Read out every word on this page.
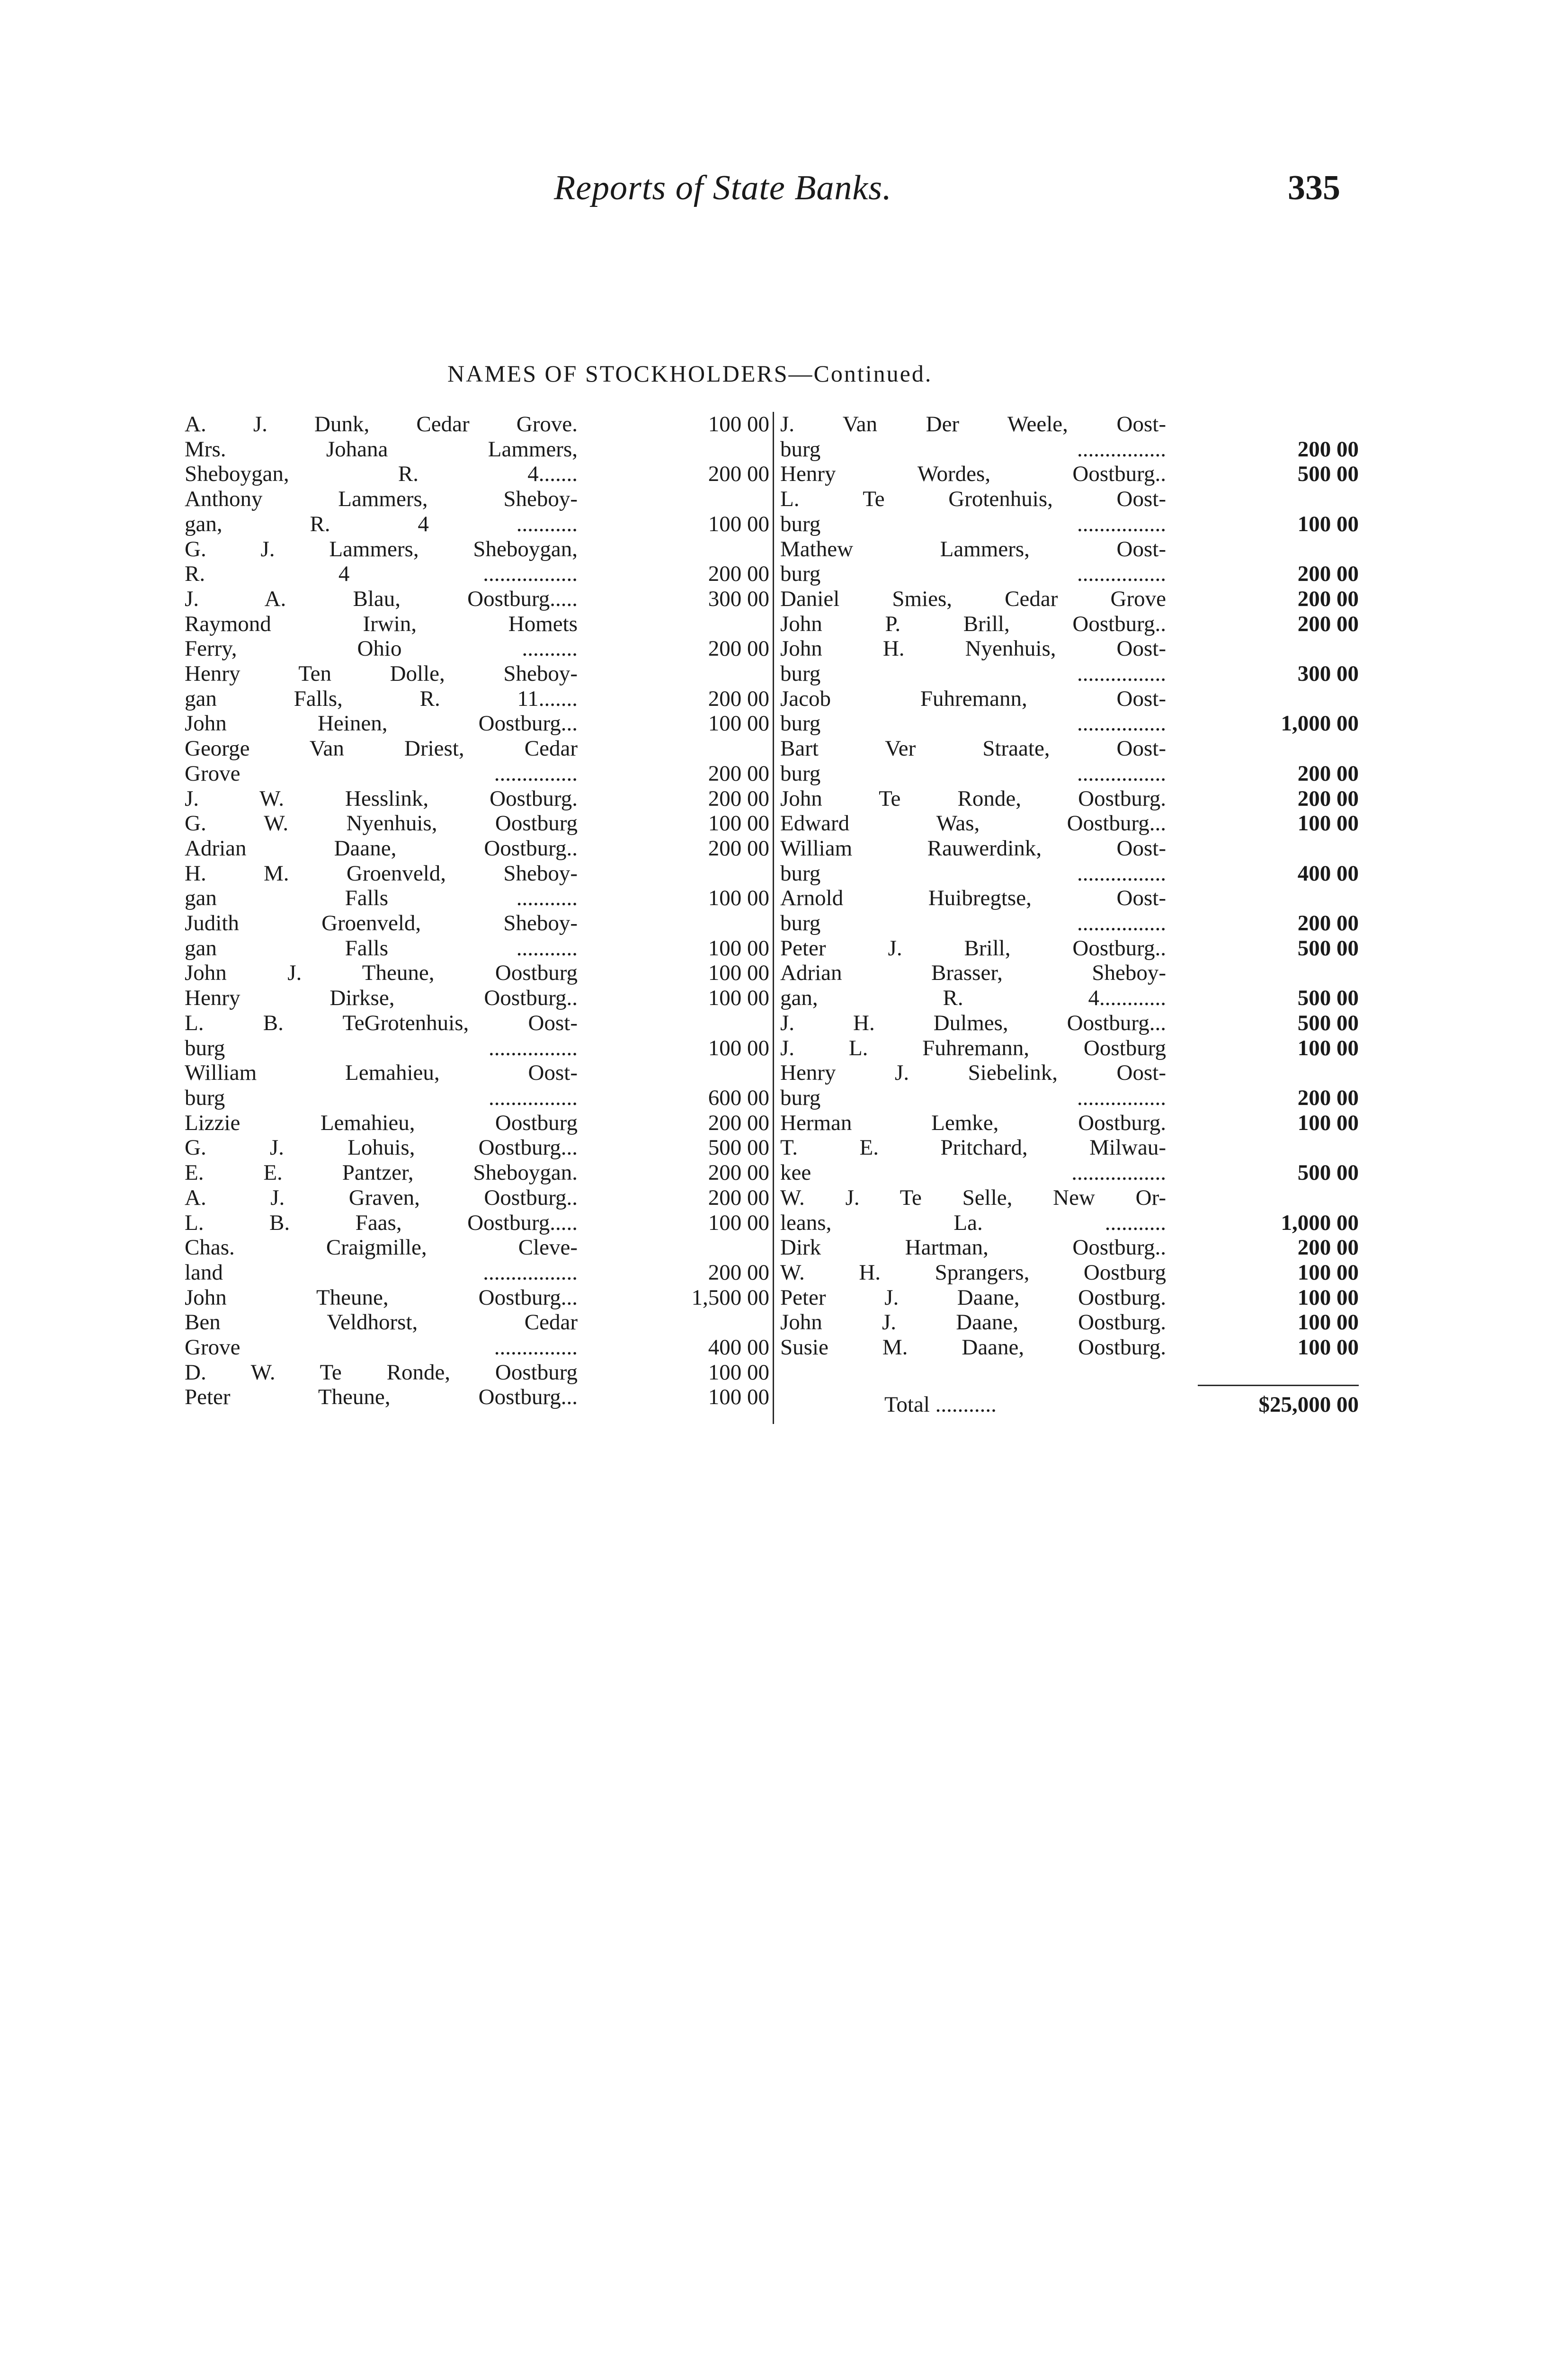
Reports of State Banks.	335
NAMES OF STOCKHOLDERS—Continued.
A. J. Dunk, Cedar Grove.	100 00
Mrs. Johana Lammers,
Sheboygan, R. 4.......	200 00
Anthony Lammers, Sheboy-
gan, R. 4 ...........	100 00
G. J. Lammers, Sheboygan,
R. 4 .................	200 00
J. A. Blau, Oostburg.....	300 00
Raymond Irwin, Homets
Ferry, Ohio ..........	200 00
Henry Ten Dolle, Sheboy-
gan Falls, R. 11.......	200 00
John Heinen, Oostburg...	100 00
George Van Driest, Cedar
Grove ...............	200 00
J. W. Hesslink, Oostburg.	200 00
G. W. Nyenhuis, Oostburg	100 00
Adrian Daane, Oostburg..	200 00
H. M. Groenveld, Sheboy-
gan Falls ...........	100 00
Judith Groenveld, Sheboy-
gan Falls ...........	100 00
John J. Theune, Oostburg	100 00
Henry Dirkse, Oostburg..	100 00
L. B. TeGrotenhuis, Oost-
burg ................	100 00
William Lemahieu, Oost-
burg ................	600 00
Lizzie Lemahieu, Oostburg	200 00
G. J. Lohuis, Oostburg...	500 00
E. E. Pantzer, Sheboygan.	200 00
A. J. Graven, Oostburg..	200 00
L. B. Faas, Oostburg.....	100 00
Chas. Craigmille, Cleve-
land .................	200 00
John Theune, Oostburg...	1,500 00
Ben Veldhorst, Cedar
Grove ...............	400 00
D. W. Te Ronde, Oostburg	100 00
Peter Theune, Oostburg...	100 00
J. Van Der Weele, Oost-
burg ................	200 00
Henry Wordes, Oostburg..	500 00
L. Te Grotenhuis, Oost-
burg ................	100 00
Mathew Lammers, Oost-
burg ................	200 00
Daniel Smies, Cedar Grove	200 00
John P. Brill, Oostburg..	200 00
John H. Nyenhuis, Oost-
burg ................	300 00
Jacob Fuhremann, Oost-
burg ................	1,000 00
Bart Ver Straate, Oost-
burg ................	200 00
John Te Ronde, Oostburg.	200 00
Edward Was, Oostburg...	100 00
William Rauwerdink, Oost-
burg ................	400 00
Arnold Huibregtse, Oost-
burg ................	200 00
Peter J. Brill, Oostburg..	500 00
Adrian Brasser, Sheboy-
gan, R. 4............	500 00
J. H. Dulmes, Oostburg...	500 00
J. L. Fuhremann, Oostburg	100 00
Henry J. Siebelink, Oost-
burg ................	200 00
Herman Lemke, Oostburg.	100 00
T. E. Pritchard, Milwau-
kee .................	500 00
W. J. Te Selle, New Or-
leans, La. ...........	1,000 00
Dirk Hartman, Oostburg..	200 00
W. H. Sprangers, Oostburg	100 00
Peter J. Daane, Oostburg.	100 00
John J. Daane, Oostburg.	100 00
Susie M. Daane, Oostburg.	100 00
Total ...........	$25,000 00
